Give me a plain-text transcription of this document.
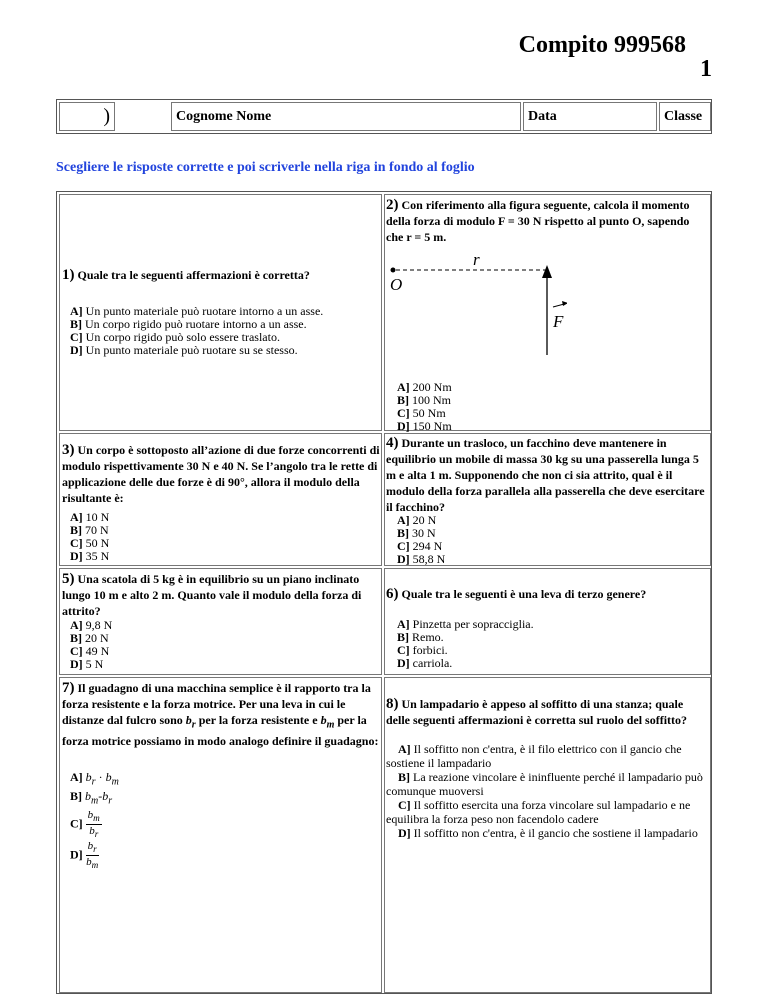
Compito 999568
1
)	Cognome Nome	Data	Classe
Scegliere le risposte corrette e poi scriverle nella riga in fondo al foglio
1) Quale tra le seguenti affermazioni è corretta?
A] Un punto materiale può ruotare intorno a un asse.
B] Un corpo rigido può ruotare intorno a un asse.
C] Un corpo rigido può solo essere traslato.
D] Un punto materiale può ruotare su se stesso.
2) Con riferimento alla figura seguente, calcola il momento della forza di modulo F = 30 N rispetto al punto O, sapendo che r = 5 m.
O
r
F
A] 200 Nm
B] 100 Nm
C] 50 Nm
D] 150 Nm
3) Un corpo è sottoposto all’azione di due forze concorrenti di modulo rispettivamente 30 N e 40 N. Se l’angolo tra le rette di applicazione delle due forze è di 90°, allora il modulo della risultante è:
A] 10 N
B] 70 N
C] 50 N
D] 35 N
4) Durante un trasloco, un facchino deve mantenere in equilibrio un mobile di massa 30 kg su una passerella lunga 5 m e alta 1 m. Supponendo che non ci sia attrito, qual è il modulo della forza parallela alla passerella che deve esercitare il facchino?
A] 20 N
B] 30 N
C] 294 N
D] 58,8 N
5) Una scatola di 5 kg è in equilibrio su un piano inclinato lungo 10 m e alto 2 m. Quanto vale il modulo della forza di attrito?
A] 9,8 N
B] 20 N
C] 49 N
D] 5 N
6) Quale tra le seguenti è una leva di terzo genere?
A] Pinzetta per sopracciglia.
B] Remo.
C] forbici.
D] carriola.
7) Il guadagno di una macchina semplice è il rapporto tra la forza resistente e la forza motrice. Per una leva in cui le distanze dal fulcro sono $b_r$ per la forza resistente e $b_m$ per la forza motrice possiamo in modo analogo definire il guadagno:
A] $b_r \cdot b_m$
B] $b_m-b_r$
$C] \frac{b_m}{b_r}$
$D] \frac{b_r}{b_m}$
8) Un lampadario è appeso al soffitto di una stanza; quale delle seguenti affermazioni è corretta sul ruolo del soffitto?
A] Il soffitto non c'entra, è il filo elettrico con il gancio che sostiene il lampadario
B] La reazione vincolare è ininfluente perché il lampadario può comunque muoversi
C] Il soffitto esercita una forza vincolare sul lampadario e ne equilibra la forza peso non facendolo cadere
D] Il soffitto non c'entra, è il gancio che sostiene il lampadario
